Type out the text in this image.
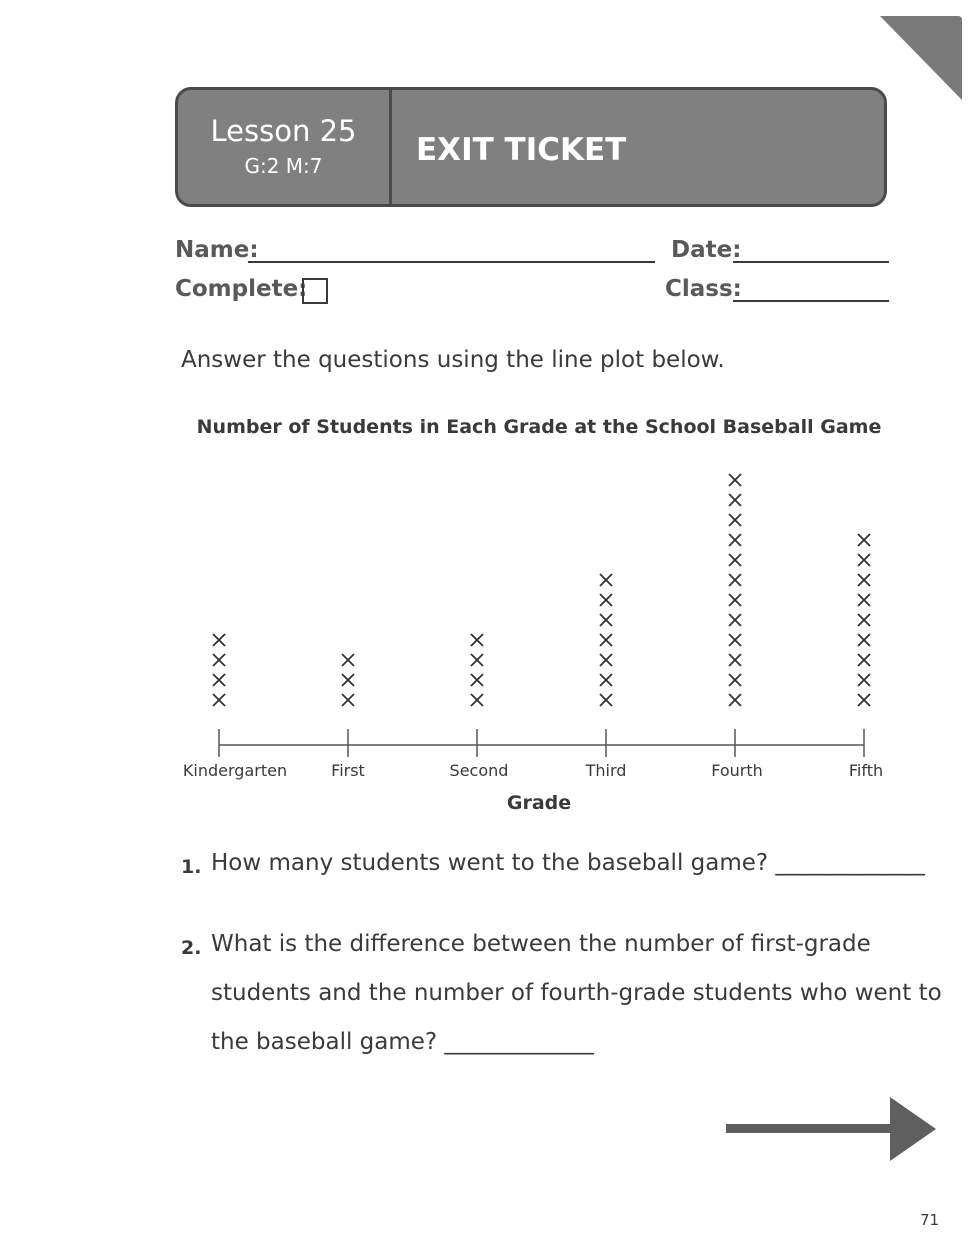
Lesson 25
G:2 M:7	EXIT TICKET
Name:	Date:
Complete:	Class:
Answer the questions using the line plot below.
Number of Students in Each Grade at the School Baseball Game
Kindergarten	First	Second	Third	Fourth	Fifth
Grade
1. How many students went to the baseball game? _____________
2. What is the difference between the number of first-grade
students and the number of fourth-grade students who went to
the baseball game? _____________
71
